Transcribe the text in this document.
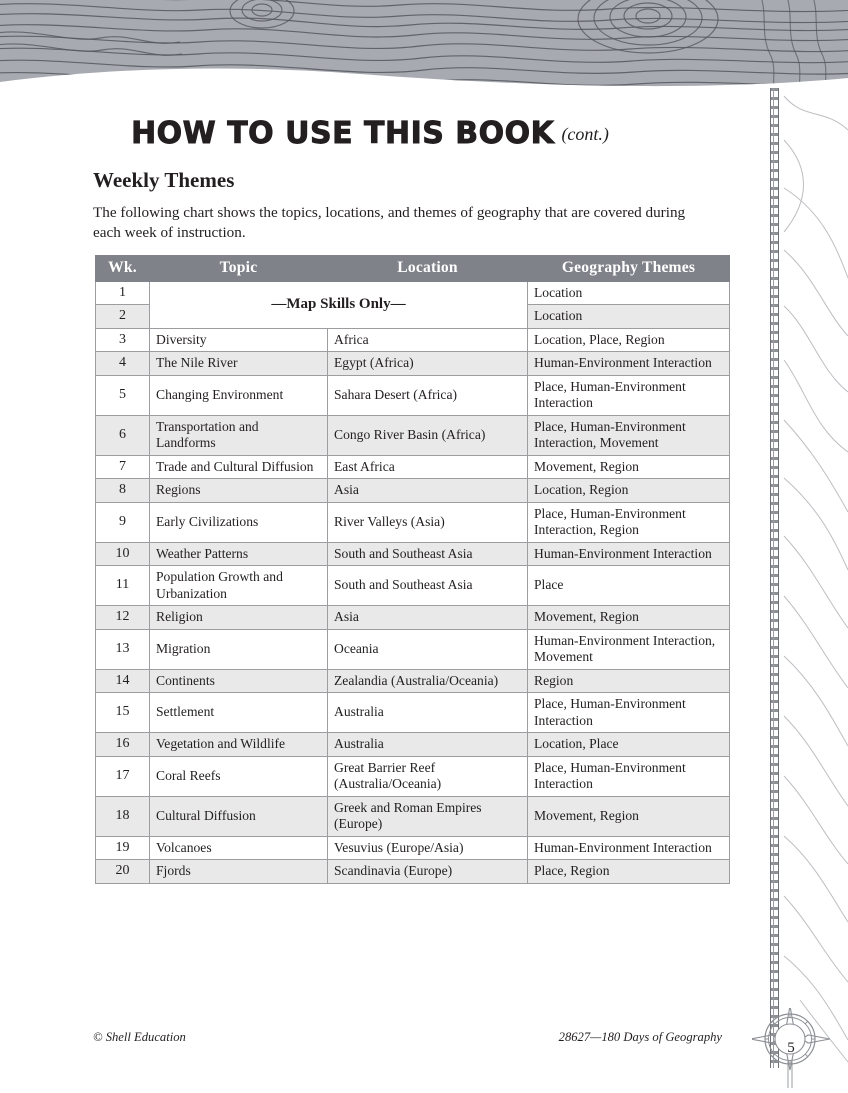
HOW TO USE THIS BOOK (cont.)
Weekly Themes
The following chart shows the topics, locations, and themes of geography that are covered during each week of instruction.
Wk.	Topic	Location	Geography Themes
1	—Map Skills Only—		Location
2			Location
3	Diversity	Africa	Location, Place, Region
4	The Nile River	Egypt (Africa)	Human-Environment Interaction
5	Changing Environment	Sahara Desert (Africa)	Place, Human-Environment Interaction
6	Transportation and Landforms	Congo River Basin (Africa)	Place, Human-Environment Interaction, Movement
7	Trade and Cultural Diffusion	East Africa	Movement, Region
8	Regions	Asia	Location, Region
9	Early Civilizations	River Valleys (Asia)	Place, Human-Environment Interaction, Region
10	Weather Patterns	South and Southeast Asia	Human-Environment Interaction
11	Population Growth and Urbanization	South and Southeast Asia	Place
12	Religion	Asia	Movement, Region
13	Migration	Oceania	Human-Environment Interaction, Movement
14	Continents	Zealandia (Australia/Oceania)	Region
15	Settlement	Australia	Place, Human-Environment Interaction
16	Vegetation and Wildlife	Australia	Location, Place
17	Coral Reefs	Great Barrier Reef (Australia/Oceania)	Place, Human-Environment Interaction
18	Cultural Diffusion	Greek and Roman Empires (Europe)	Movement, Region
19	Volcanoes	Vesuvius (Europe/Asia)	Human-Environment Interaction
20	Fjords	Scandinavia (Europe)	Place, Region
© Shell Education	28627—180 Days of Geography
5
